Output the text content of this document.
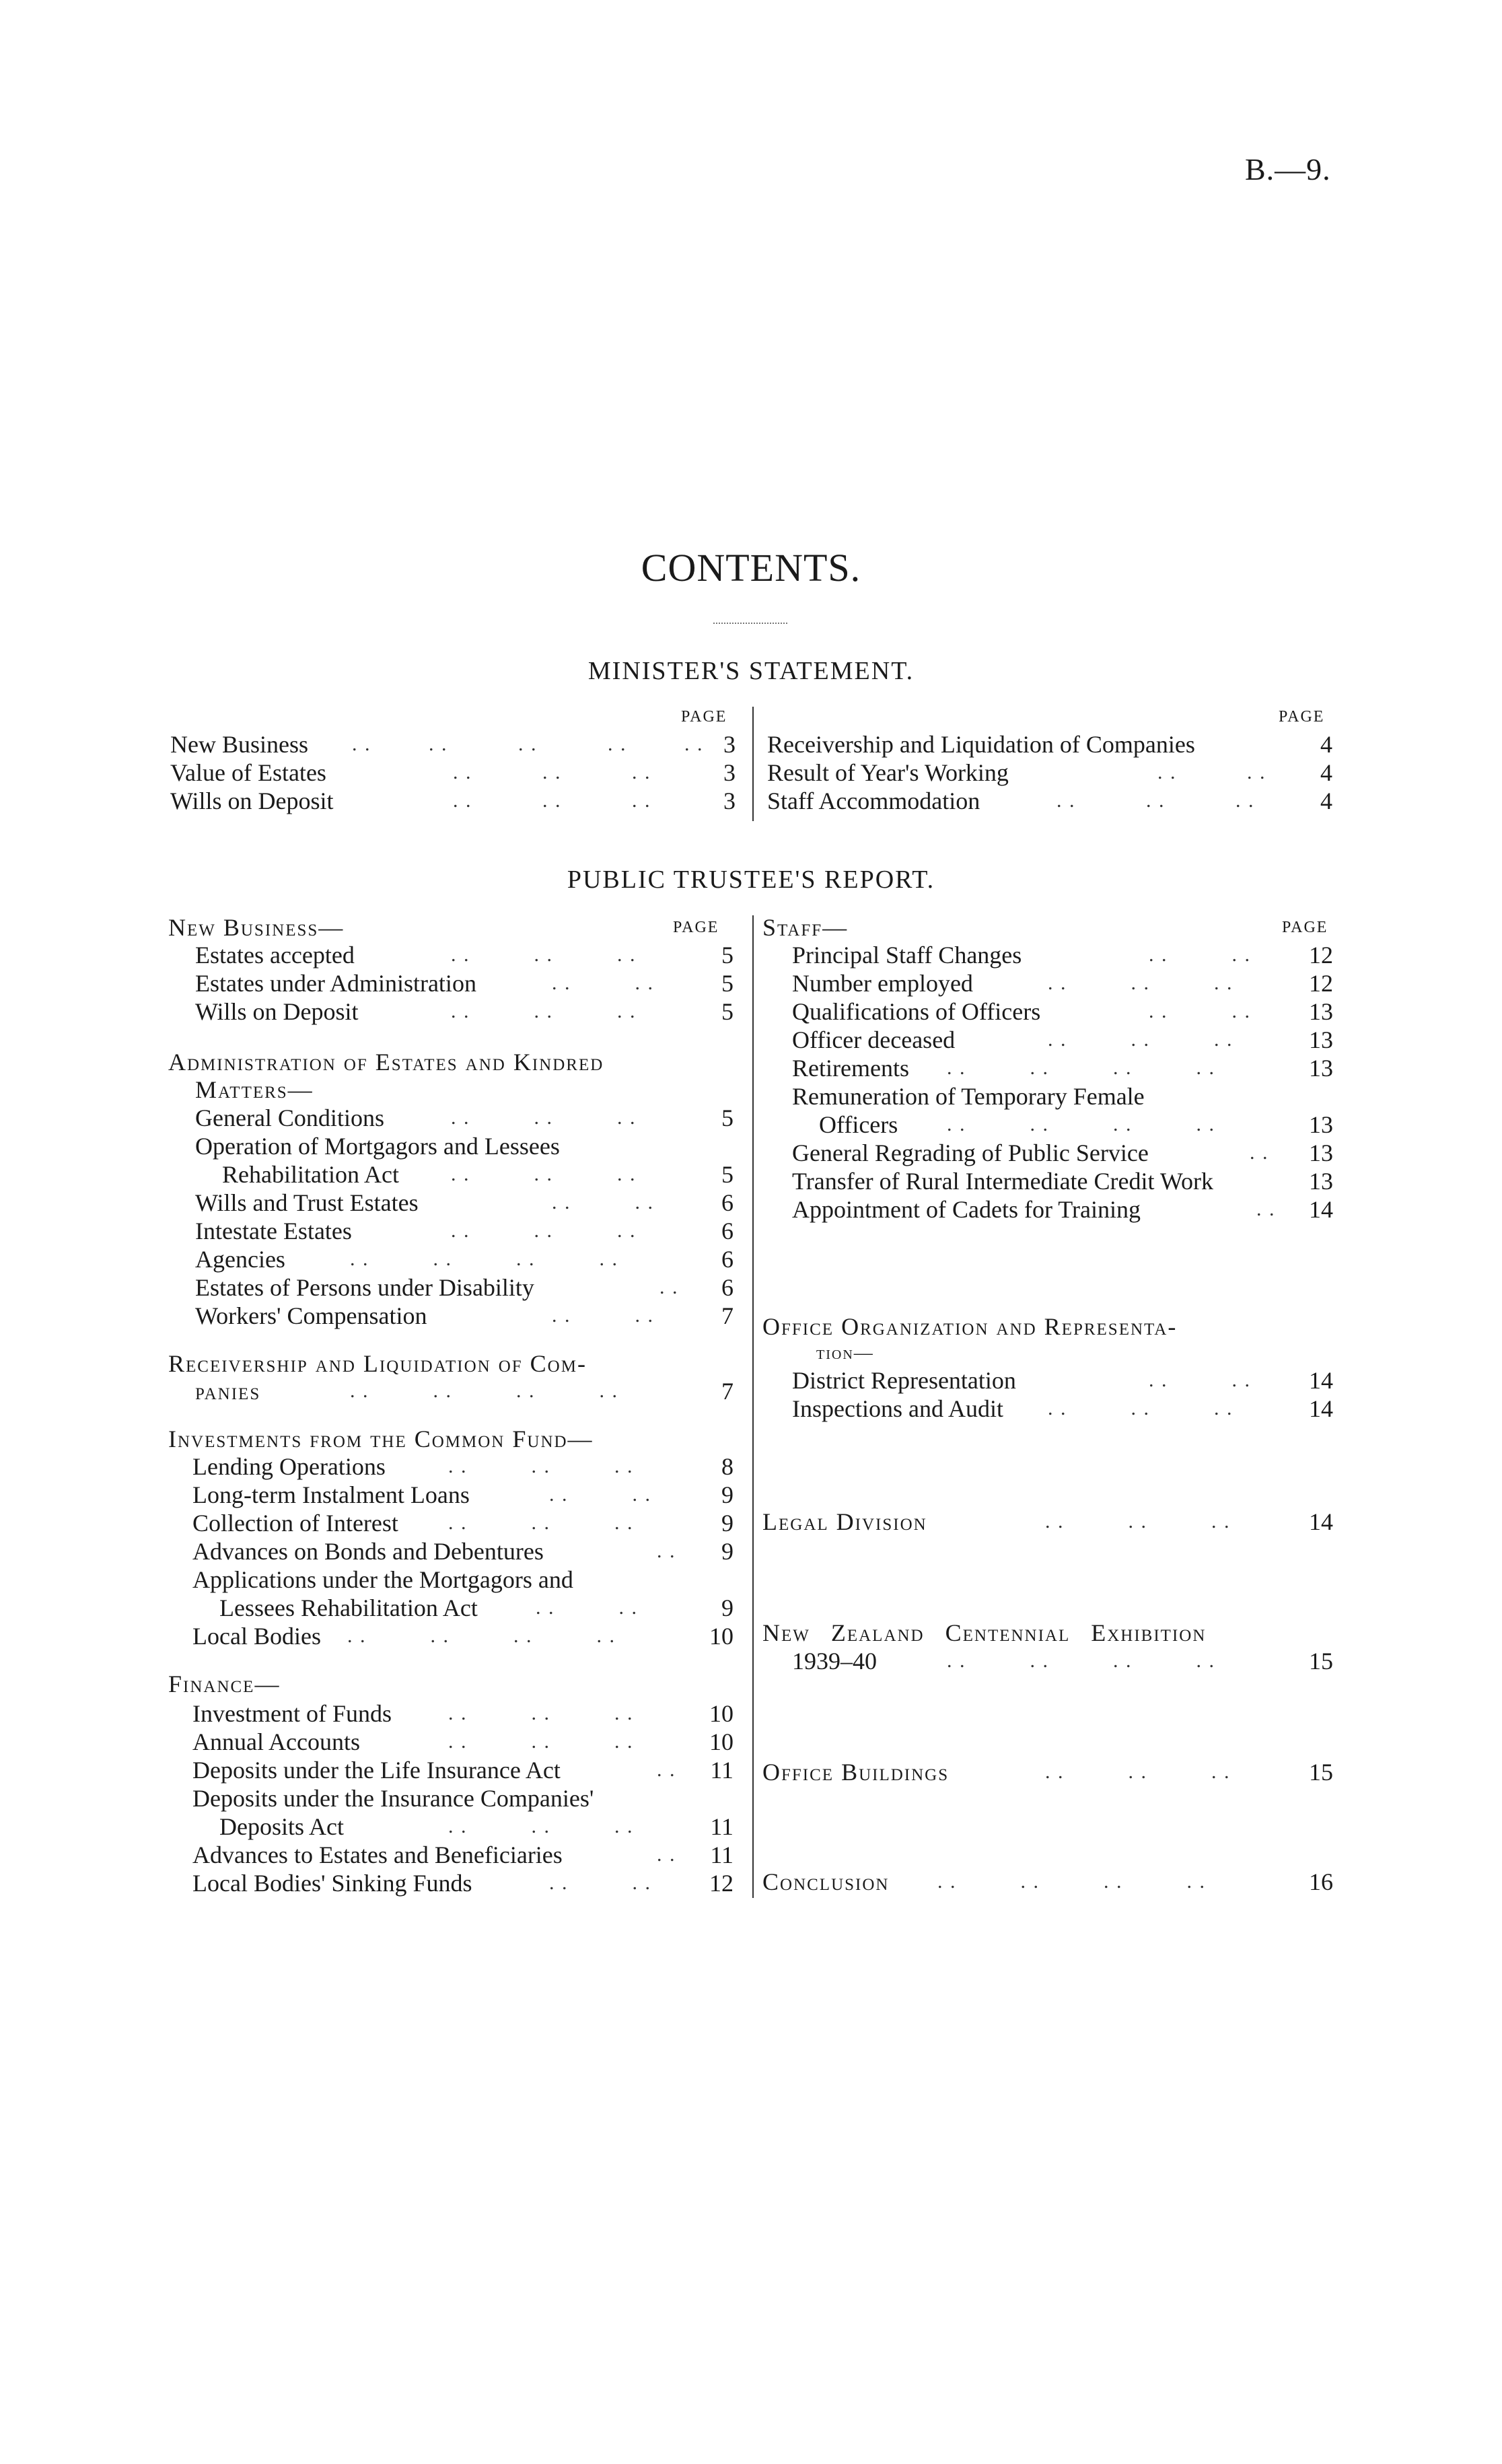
B.—9.
CONTENTS.
MINISTER'S STATEMENT.
PAGE	PAGE
New Business . .         . .           . .           . .         . . 3
Value of Estates	. .           . .           . .	3
Wills on Deposit	. .           . .           . .	3
Receivership and Liquidation of Companies	4
Result of Year's Working	. .           . .	4
Staff Accommodation	. .           . .           . .	4
PUBLIC TRUSTEE'S REPORT.
PAGE	PAGE
New Business—
Estates accepted	. .          . .          . .	5
Estates under Administration	. .          . .	5
Wills on Deposit	. .          . .          . .	5
Administration of Estates and Kindred
Matters—
General Conditions	. .          . .          . .	5
Operation of Mortgagors and Lessees
Rehabilitation Act	. .          . .          . .	5
Wills and Trust Estates	. .          . .	6
Intestate Estates	. .          . .          . .	6
Agencies	. .          . .          . .          . .	6
Estates of Persons under Disability	. .	6
Workers' Compensation	. .          . .	7
Receivership and Liquidation of Com-
panies	. .          . .          . .          . .	7
Investments from the Common Fund—
Lending Operations	. .          . .          . .	8
Long-term Instalment Loans	. .          . .	9
Collection of Interest . .          . .          . .	9
Advances on Bonds and Debentures	. .	9
Applications under the Mortgagors and
Lessees Rehabilitation Act	. .          . .	9
Local Bodies . .          . .          . .          . .	10
Finance—
Investment of Funds	. .          . .          . .	10
Annual Accounts	. .          . .          . .	10
Deposits under the Life Insurance Act	. .	11
Deposits under the Insurance Companies'
Deposits Act	. .          . .          . .	11
Advances to Estates and Beneficiaries	. .	11
Local Bodies' Sinking Funds	. .          . .	12
Staff—
Principal Staff Changes	. .          . .	12
Number employed	. .          . .          . .	12
Qualifications of Officers	. .          . .	13
Officer deceased	. .          . .          . .	13
Retirements . .          . .          . .          . .	13
Remuneration of Temporary Female
Officers . .          . .          . .          . .	13
General Regrading of Public Service	. .	13
Transfer of Rural Intermediate Credit Work	13
Appointment of Cadets for Training	. .	14
Office Organization and Representa-
tion—
District Representation	. .          . .	14
Inspections and Audit . .          . .          . .	14
Legal Division	. .          . .          . .	14
New Zealand Centennial Exhibition
1939–40	. .          . .          . .          . .	15
Office Buildings	. .          . .          . .	15
Conclusion . .          . .          . .          . .	16
